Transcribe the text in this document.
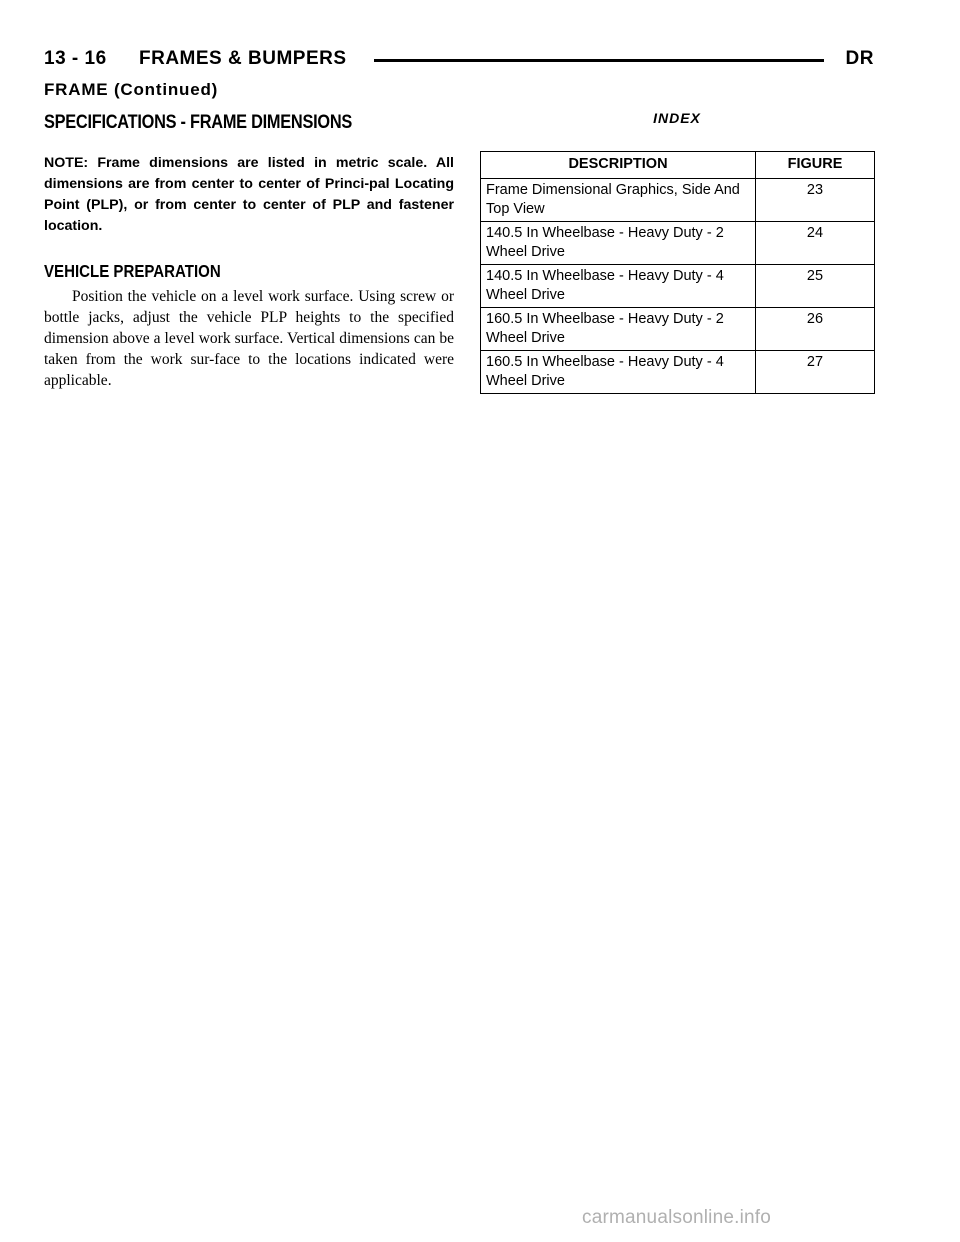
13 - 16 FRAMES & BUMPERS	DR
FRAME (Continued)
SPECIFICATIONS - FRAME DIMENSIONS
NOTE: Frame dimensions are listed in metric scale. All dimensions are from center to center of Princi-pal Locating Point (PLP), or from center to center of PLP and fastener location.
VEHICLE PREPARATION
Position the vehicle on a level work surface. Using screw or bottle jacks, adjust the vehicle PLP heights to the specified dimension above a level work surface. Vertical dimensions can be taken from the work sur-face to the locations indicated were applicable.
INDEX
DESCRIPTION	FIGURE
Frame Dimensional Graphics, Side And Top View	23
140.5 In Wheelbase - Heavy Duty - 2 Wheel Drive	24
140.5 In Wheelbase - Heavy Duty - 4 Wheel Drive	25
160.5 In Wheelbase - Heavy Duty - 2 Wheel Drive	26
160.5 In Wheelbase - Heavy Duty - 4 Wheel Drive	27
carmanualsonline.info
